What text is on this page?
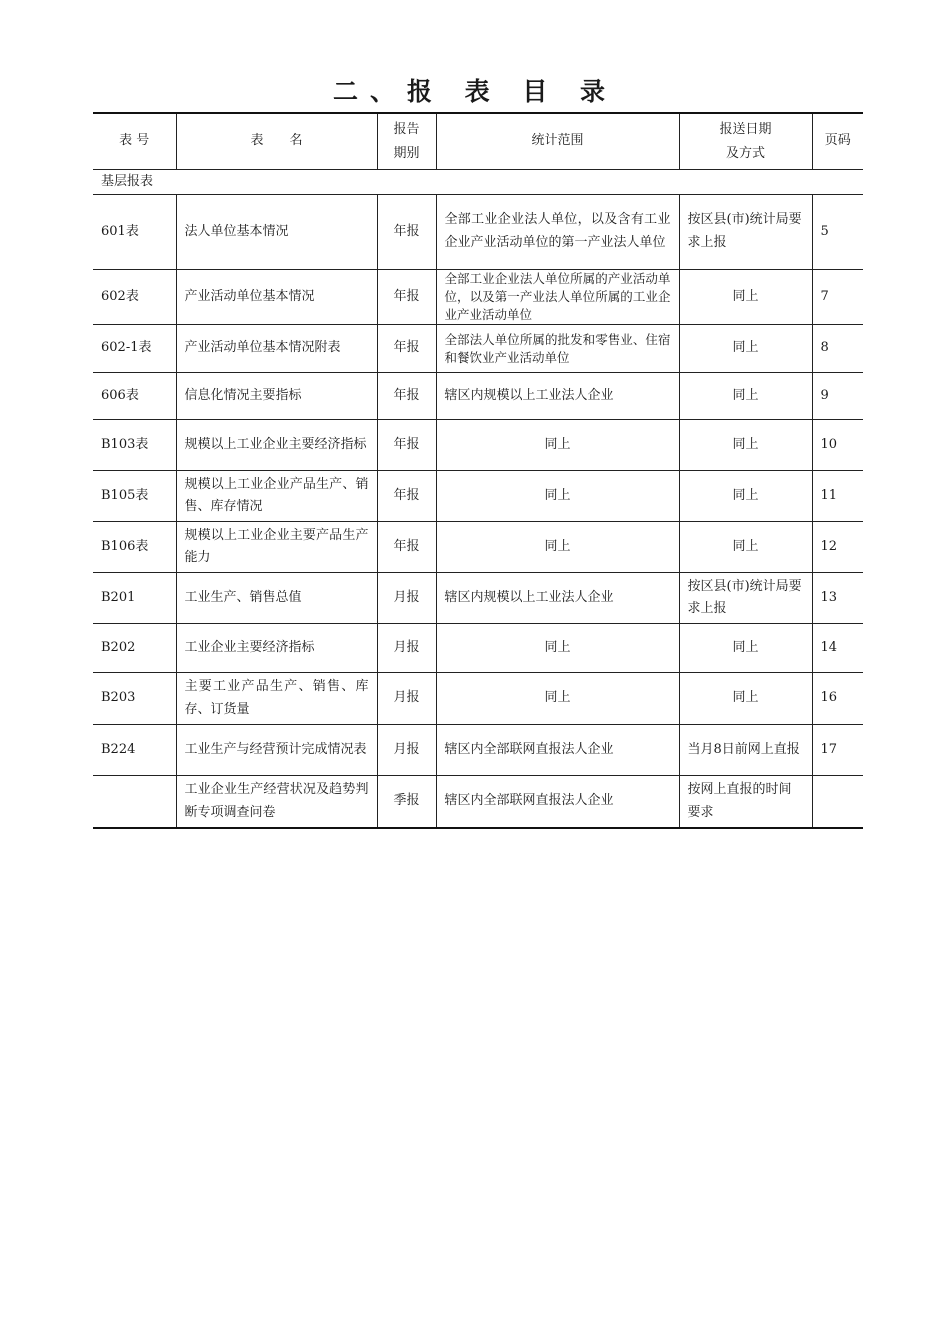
二、报 表 目 录
表 号	表　　名	报告期别	统计范围	报送日期及方式	页码
基层报表					
601表	法人单位基本情况	年报	全部工业企业法人单位，以及含有工业企业产业活动单位的第一产业法人单位	按区县(市)统计局要求上报	5
602表	产业活动单位基本情况	年报	全部工业企业法人单位所属的产业活动单位，以及第一产业法人单位所属的工业企业产业活动单位	同上	7
602-1表	产业活动单位基本情况附表	年报	全部法人单位所属的批发和零售业、住宿和餐饮业产业活动单位	同上	8
606表	信息化情况主要指标	年报	辖区内规模以上工业法人企业	同上	9
B103表	规模以上工业企业主要经济指标	年报	同上	同上	10
B105表	规模以上工业企业产品生产、销售、库存情况	年报	同上	同上	11
B106表	规模以上工业企业主要产品生产能力	年报	同上	同上	12
B201	工业生产、销售总值	月报	辖区内规模以上工业法人企业	按区县(市)统计局要求上报	13
B202	工业企业主要经济指标	月报	同上	同上	14
B203	主要工业产品生产、销售、库存、订货量	月报	同上	同上	16
B224	工业生产与经营预计完成情况表	月报	辖区内全部联网直报法人企业	当月8日前网上直报	17
	工业企业生产经营状况及趋势判断专项调查问卷	季报	辖区内全部联网直报法人企业	按网上直报的时间要求	
